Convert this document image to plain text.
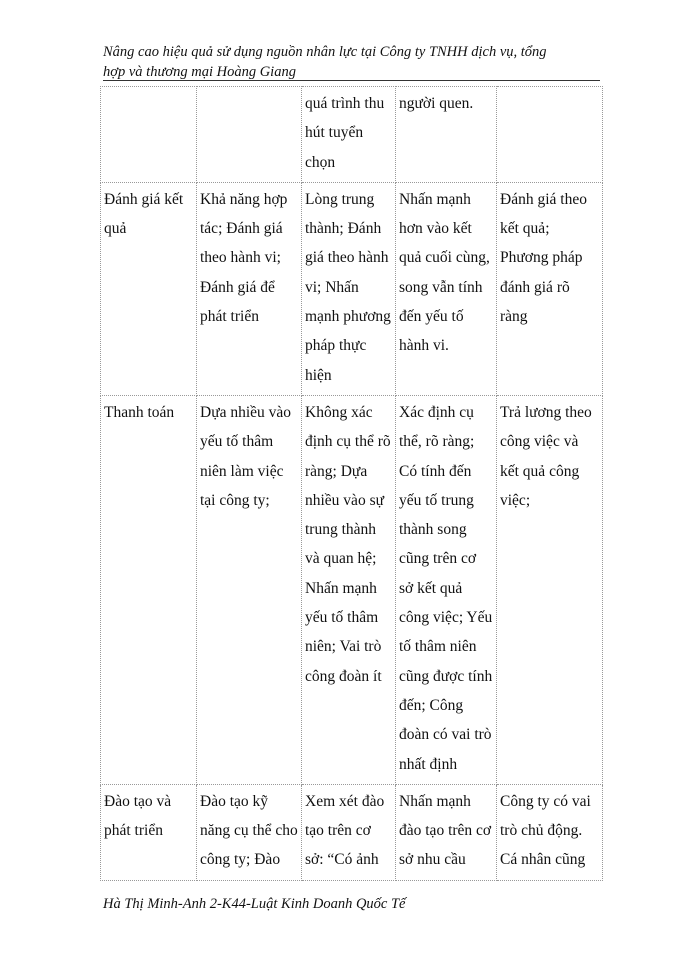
Nâng cao hiệu quả sử dụng nguồn nhân lực tại Công ty TNHH dịch vụ, tổng
hợp và thương mại Hoàng Giang
		quá trình thu hút tuyển chọn	người quen.	
Đánh giá kết quả	Khả năng hợp tác; Đánh giá theo hành vi; Đánh giá để phát triển	Lòng trung thành; Đánh giá theo hành vi; Nhấn mạnh phương pháp thực hiện	Nhấn mạnh hơn vào kết quả cuối cùng, song vẫn tính đến yếu tố hành vi.	Đánh giá theo kết quả; Phương pháp đánh giá rõ ràng
Thanh toán	Dựa nhiều vào yếu tố thâm niên làm việc tại công ty;	Không xác định cụ thể rõ ràng; Dựa nhiều vào sự trung thành và quan hệ; Nhấn mạnh yếu tố thâm niên; Vai trò công đoàn ít	Xác định cụ thể, rõ ràng; Có tính đến yếu tố trung thành song cũng trên cơ sở kết quả công việc; Yếu tố thâm niên cũng được tính đến; Công đoàn có vai trò nhất định	Trả lương theo công việc và kết quả công việc;
Đào tạo và phát triển	Đào tạo kỹ năng cụ thể cho công ty; Đào	Xem xét đào tạo trên cơ sở: “Có ảnh	Nhấn mạnh đào tạo trên cơ sở nhu cầu	Công ty có vai trò chủ động. Cá nhân cũng
Hà Thị Minh-Anh 2-K44-Luật Kinh Doanh Quốc Tế
